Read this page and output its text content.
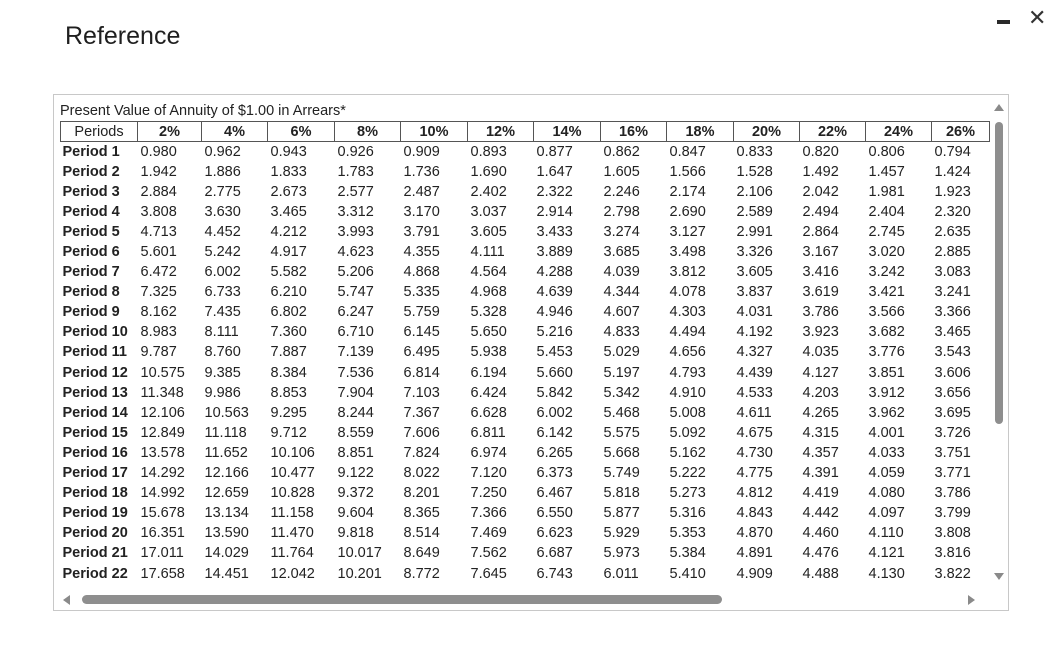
Reference
✕
Present Value of Annuity of $1.00 in Arrears*
Periods	2%	4%	6%	8%	10%	12%	14%	16%	18%	20%	22%	24%	26%
Period 1	0.980	0.962	0.943	0.926	0.909	0.893	0.877	0.862	0.847	0.833	0.820	0.806	0.794
Period 2	1.942	1.886	1.833	1.783	1.736	1.690	1.647	1.605	1.566	1.528	1.492	1.457	1.424
Period 3	2.884	2.775	2.673	2.577	2.487	2.402	2.322	2.246	2.174	2.106	2.042	1.981	1.923
Period 4	3.808	3.630	3.465	3.312	3.170	3.037	2.914	2.798	2.690	2.589	2.494	2.404	2.320
Period 5	4.713	4.452	4.212	3.993	3.791	3.605	3.433	3.274	3.127	2.991	2.864	2.745	2.635
Period 6	5.601	5.242	4.917	4.623	4.355	4.111	3.889	3.685	3.498	3.326	3.167	3.020	2.885
Period 7	6.472	6.002	5.582	5.206	4.868	4.564	4.288	4.039	3.812	3.605	3.416	3.242	3.083
Period 8	7.325	6.733	6.210	5.747	5.335	4.968	4.639	4.344	4.078	3.837	3.619	3.421	3.241
Period 9	8.162	7.435	6.802	6.247	5.759	5.328	4.946	4.607	4.303	4.031	3.786	3.566	3.366
Period 10	8.983	8.111	7.360	6.710	6.145	5.650	5.216	4.833	4.494	4.192	3.923	3.682	3.465
Period 11	9.787	8.760	7.887	7.139	6.495	5.938	5.453	5.029	4.656	4.327	4.035	3.776	3.543
Period 12	10.575	9.385	8.384	7.536	6.814	6.194	5.660	5.197	4.793	4.439	4.127	3.851	3.606
Period 13	11.348	9.986	8.853	7.904	7.103	6.424	5.842	5.342	4.910	4.533	4.203	3.912	3.656
Period 14	12.106	10.563	9.295	8.244	7.367	6.628	6.002	5.468	5.008	4.611	4.265	3.962	3.695
Period 15	12.849	11.118	9.712	8.559	7.606	6.811	6.142	5.575	5.092	4.675	4.315	4.001	3.726
Period 16	13.578	11.652	10.106	8.851	7.824	6.974	6.265	5.668	5.162	4.730	4.357	4.033	3.751
Period 17	14.292	12.166	10.477	9.122	8.022	7.120	6.373	5.749	5.222	4.775	4.391	4.059	3.771
Period 18	14.992	12.659	10.828	9.372	8.201	7.250	6.467	5.818	5.273	4.812	4.419	4.080	3.786
Period 19	15.678	13.134	11.158	9.604	8.365	7.366	6.550	5.877	5.316	4.843	4.442	4.097	3.799
Period 20	16.351	13.590	11.470	9.818	8.514	7.469	6.623	5.929	5.353	4.870	4.460	4.110	3.808
Period 21	17.011	14.029	11.764	10.017	8.649	7.562	6.687	5.973	5.384	4.891	4.476	4.121	3.816
Period 22	17.658	14.451	12.042	10.201	8.772	7.645	6.743	6.011	5.410	4.909	4.488	4.130	3.822
